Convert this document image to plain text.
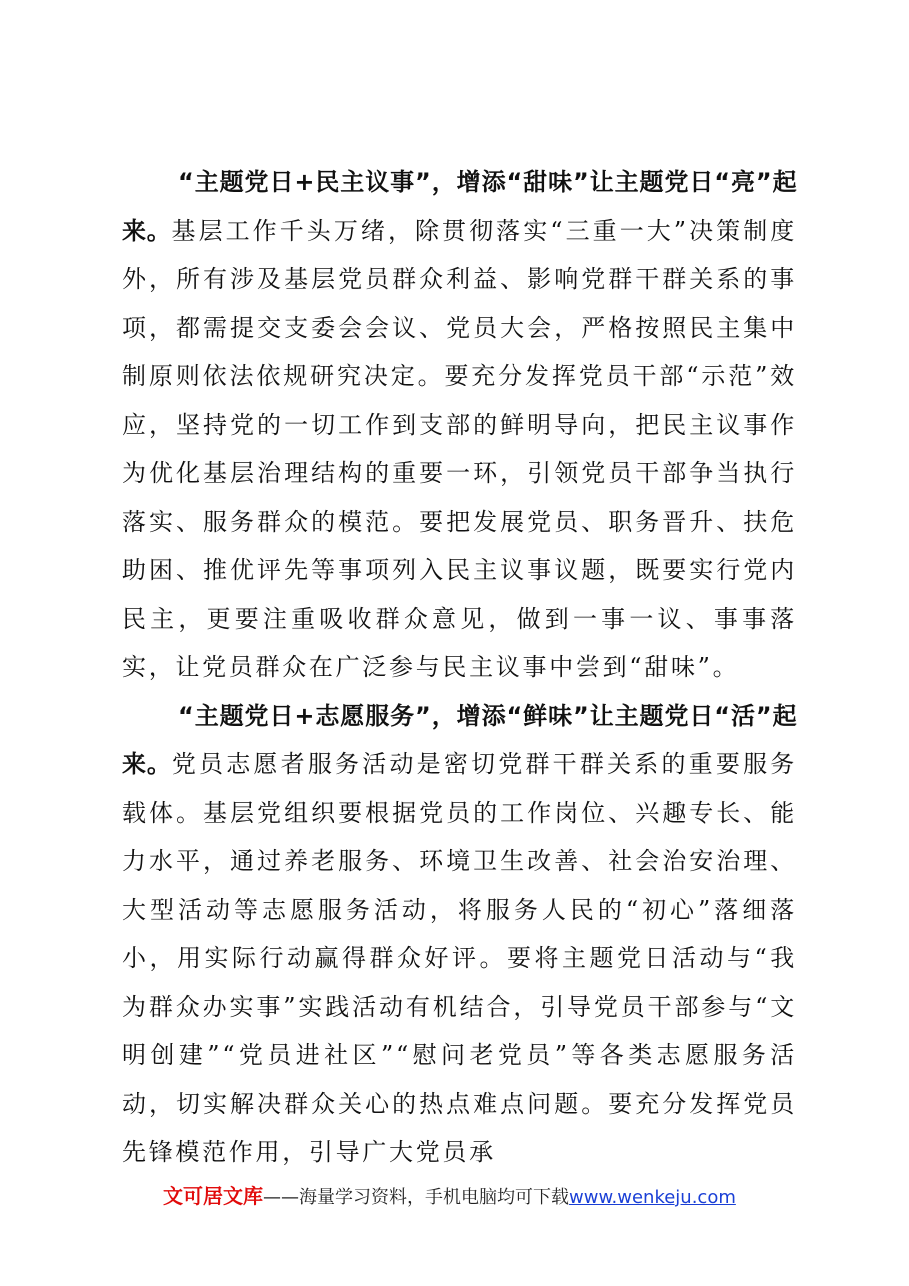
“主题党日+民主议事”，增添“甜味”让主题党日“亮”起来。基层工作千头万绪，除贯彻落实“三重一大”决策制度外，所有涉及基层党员群众利益、影响党群干群关系的事项，都需提交支委会会议、党员大会，严格按照民主集中制原则依法依规研究决定。要充分发挥党员干部“示范”效应，坚持党的一切工作到支部的鲜明导向，把民主议事作为优化基层治理结构的重要一环，引领党员干部争当执行落实、服务群众的模范。要把发展党员、职务晋升、扶危助困、推优评先等事项列入民主议事议题，既要实行党内民主，更要注重吸收群众意见，做到一事一议、事事落实，让党员群众在广泛参与民主议事中尝到“甜味”。

“主题党日+志愿服务”，增添“鲜味”让主题党日“活”起来。党员志愿者服务活动是密切党群干群关系的重要服务载体。基层党组织要根据党员的工作岗位、兴趣专长、能力水平，通过养老服务、环境卫生改善、社会治安治理、大型活动等志愿服务活动，将服务人民的“初心”落细落小，用实际行动赢得群众好评。要将主题党日活动与“我为群众办实事”实践活动有机结合，引导党员干部参与“文明创建”“党员进社区”“慰问老党员”等各类志愿服务活动，切实解决群众关心的热点难点问题。要充分发挥党员先锋模范作用，引导广大党员承

文可居文库——海量学习资料，手机电脑均可下载www.wenkeju.com
